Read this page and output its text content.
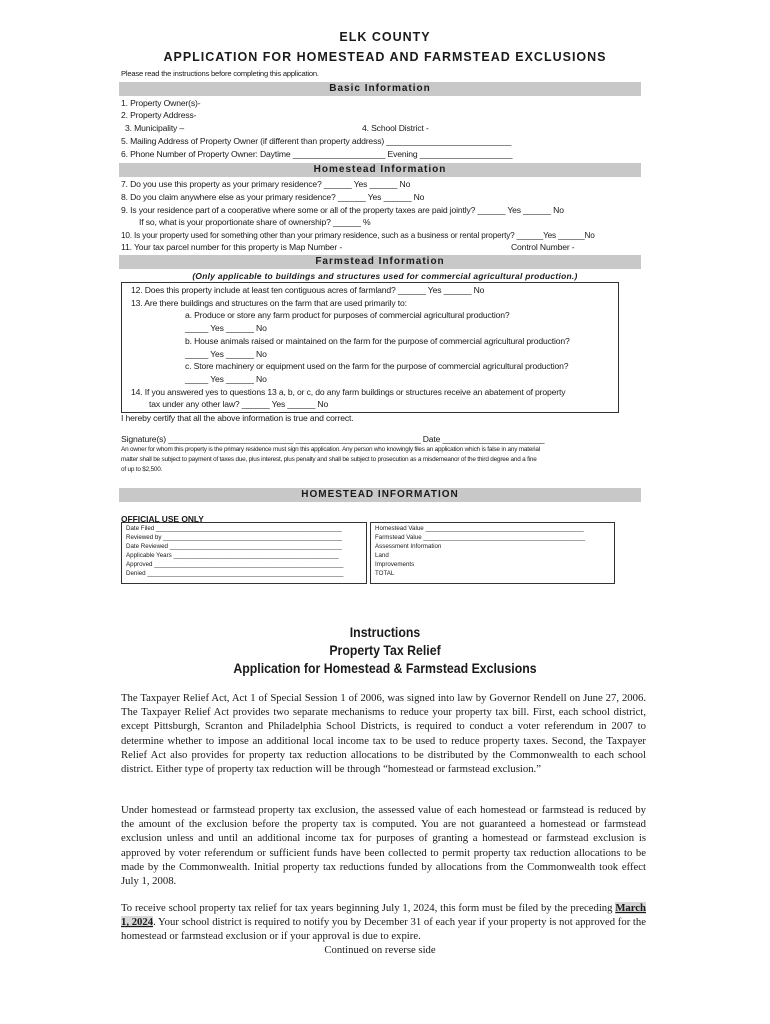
ELK COUNTY
APPLICATION FOR HOMESTEAD AND FARMSTEAD EXCLUSIONS
Please read the instructions before completing this application.
Basic Information
1. Property Owner(s)-
2. Property Address-
3. Municipality –	4. School District -
5. Mailing Address of Property Owner (if different than property address) ___________________________
6. Phone Number of Property Owner: Daytime ____________________ Evening ____________________
Homestead Information
7. Do you use this property as your primary residence? ______ Yes ______ No
8. Do you claim anywhere else as your primary residence? ______ Yes ______ No
9. Is your residence part of a cooperative where some or all of the property taxes are paid jointly? ______ Yes ______ No
If so, what is your proportionate share of ownership? ______ %
10. Is your property used for something other than your primary residence, such as a business or rental property? ______Yes ______No
11. Your tax parcel number for this property is Map Number -	Control Number -
Farmstead Information
(Only applicable to buildings and structures used for commercial agricultural production.)
12. Does this property include at least ten contiguous acres of farmland? ______ Yes ______ No
13. Are there buildings and structures on the farm that are used primarily to:
a. Produce or store any farm product for purposes of commercial agricultural production?
_____ Yes ______ No
b. House animals raised or maintained on the farm for the purpose of commercial agricultural production?
_____ Yes ______ No
c. Store machinery or equipment used on the farm for the purpose of commercial agricultural production?
_____ Yes ______ No
14. If you answered yes to questions 13 a, b, or c, do any farm buildings or structures receive an abatement of property
tax under any other law? ______ Yes ______ No
I hereby certify that all the above information is true and correct.
Signature(s) ___________________________ ___________________________ Date ______________________
An owner for whom this property is the primary residence must sign this application. Any person who knowingly files an application which is false in any material
matter shall be subject to payment of taxes due, plus interest, plus penalty and shall be subject to prosecution as a misdemeanor of the third degree and a fine
of up to $2,500.
HOMESTEAD INFORMATION
OFFICIAL USE ONLY
Date Filed ______________________________________________________
Reviewed by ____________________________________________________
Date Reviewed __________________________________________________
Applicable Years ________________________________________________
Approved _______________________________________________________
Denied _________________________________________________________
Homestead Value ______________________________________________
Farmstead Value _______________________________________________
Assessment Information
Land
Improvements
TOTAL
Instructions
Property Tax Relief
Application for Homestead & Farmstead Exclusions
The Taxpayer Relief Act, Act 1 of Special Session 1 of 2006, was signed into law by Governor Rendell on June 27, 2006. The Taxpayer Relief Act provides two separate mechanisms to reduce your property tax bill. First, each school district, except Pittsburgh, Scranton and Philadelphia School Districts, is required to conduct a voter referendum in 2007 to determine whether to impose an additional local income tax to be used to reduce property taxes. Second, the Taxpayer Relief Act also provides for property tax reduction allocations to be distributed by the Commonwealth to each school district. Either type of property tax reduction will be through “homestead or farmstead exclusion.”
Under homestead or farmstead property tax exclusion, the assessed value of each homestead or farmstead is reduced by the amount of the exclusion before the property tax is computed. You are not guaranteed a homestead or farmstead exclusion unless and until an additional income tax for purposes of granting a homestead or farmstead exclusion is approved by voter referendum or sufficient funds have been collected to permit property tax reduction allocations to be made by the Commonwealth. Initial property tax reductions funded by allocations from the Commonwealth took effect July 1, 2008.
To receive school property tax relief for tax years beginning July 1, 2024, this form must be filed by the preceding March 1, 2024. Your school district is required to notify you by December 31 of each year if your property is not approved for the homestead or farmstead exclusion or if your approval is due to expire.
Continued on reverse side
